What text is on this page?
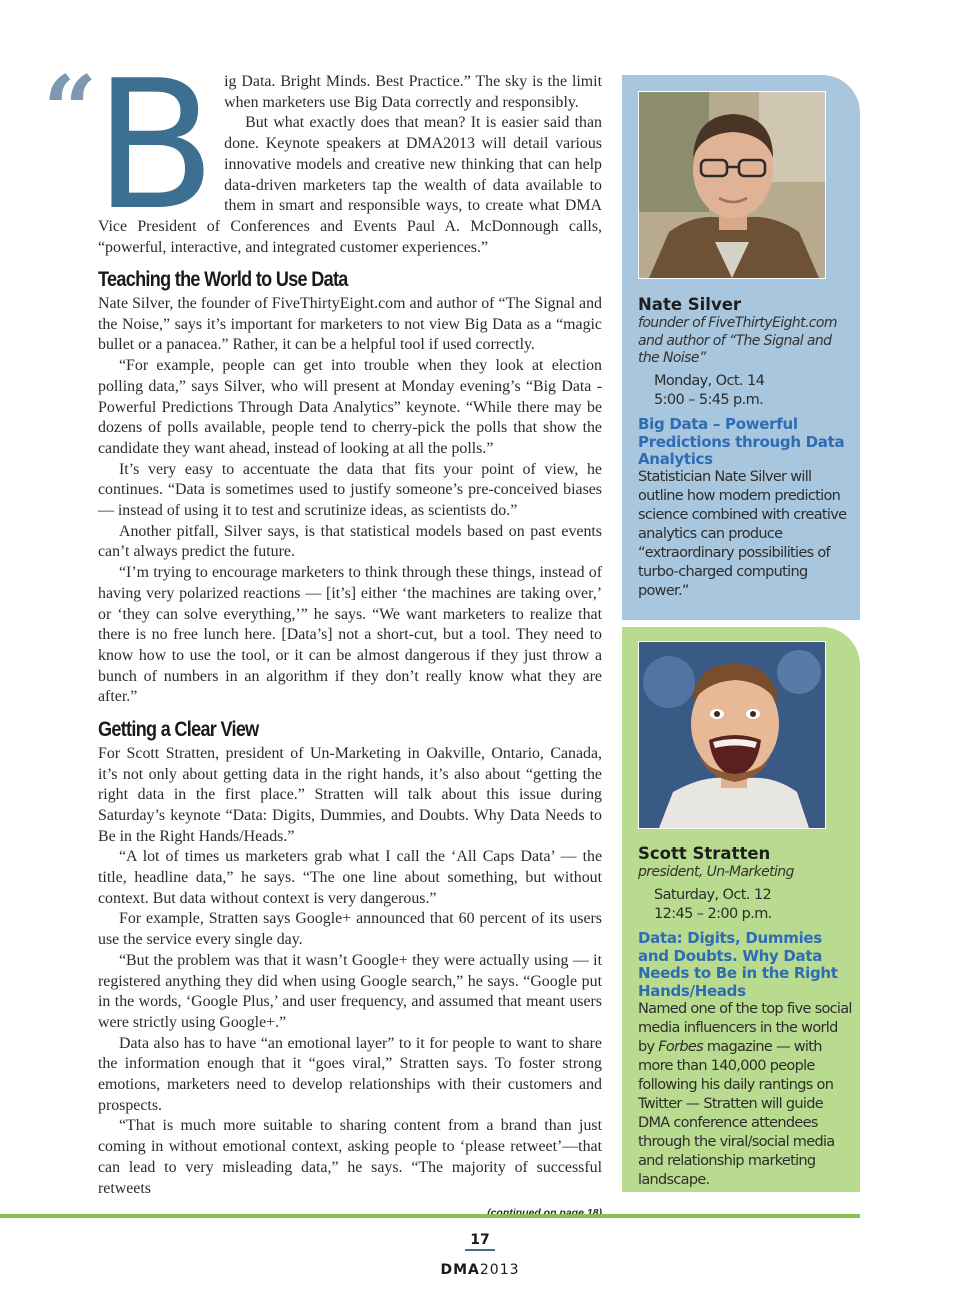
“
B ig Data. Bright Minds. Best Practice.” The sky is the limit when marketers use Big Data correctly and responsibly.

But what exactly does that mean? It is easier said than done. Keynote speakers at DMA2013 will detail various innovative models and creative new thinking that can help data-driven marketers tap the wealth of data available to them in smart and responsible ways, to create what DMA Vice President of Conferences and Events Paul A. McDonnough calls, “powerful, interactive, and integrated customer experiences.”

Teaching the World to Use Data

Nate Silver, the founder of FiveThirtyEight.com and author of “The Signal and the Noise,” says it’s important for marketers to not view Big Data as a “magic bullet or a panacea.” Rather, it can be a helpful tool if used correctly.

“For example, people can get into trouble when they look at election polling data,” says Silver, who will present at Monday evening’s “Big Data - Powerful Predictions Through Data Analytics” keynote. “While there may be dozens of polls available, people tend to cherry-pick the polls that show the candidate they want ahead, instead of looking at all the polls.”

It’s very easy to accentuate the data that fits your point of view, he continues. “Data is sometimes used to justify someone’s pre-conceived biases — instead of using it to test and scrutinize ideas, as scientists do.”

Another pitfall, Silver says, is that statistical models based on past events can’t always predict the future.

“I’m trying to encourage marketers to think through these things, instead of having very polarized reactions — [it’s] either ‘the machines are taking over,’ or ‘they can solve everything,’” he says. “We want marketers to realize that there is no free lunch here. [Data’s] not a short-cut, but a tool. They need to know how to use the tool, or it can be almost dangerous if they just throw a bunch of numbers in an algorithm if they don’t really know what they are after.”

Getting a Clear View

For Scott Stratten, president of Un-Marketing in Oakville, Ontario, Canada, it’s not only about getting data in the right hands, it’s also about “getting the right data in the first place.” Stratten will talk about this issue during Saturday’s keynote “Data: Digits, Dummies, and Doubts. Why Data Needs to Be in the Right Hands/Heads.”

“A lot of times us marketers grab what I call the ‘All Caps Data’ — the title, headline data,” he says. “The one line about something, but without context. But data without context is very dangerous.”

For example, Stratten says Google+ announced that 60 percent of its users use the service every single day.

“But the problem was that it wasn’t Google+ they were actually using — it registered anything they did when using Google search,” he says. “Google put in the words, ‘Google Plus,’ and user frequency, and assumed that meant users were strictly using Google+.”

Data also has to have “an emotional layer” to it for people to want to share the information enough that it “goes viral,” Stratten says. To foster strong emotions, marketers need to develop relationships with their customers and prospects.

“That is much more suitable to sharing content from a brand than just coming in without emotional context, asking people to ‘please retweet’—that can lead to very misleading data,” he says. “The majority of successful retweets

Nate Silver
founder of FiveThirtyEight.com and author of “The Signal and the Noise”
Monday, Oct. 14
5:00 – 5:45 p.m.
Big Data – Powerful Predictions through Data Analytics
Statistician Nate Silver will outline how modern prediction science combined with creative analytics can produce “extraordinary possibilities of turbo-charged computing power.”
Scott Stratten
president, Un-Marketing
Saturday, Oct. 12
12:45 – 2:00 p.m.
Data: Digits, Dummies and Doubts. Why Data Needs to Be in the Right Hands/Heads
Named one of the top five social media influencers in the world by Forbes magazine — with more than 140,000 people following his daily rantings on Twitter — Stratten will guide DMA conference attendees through the viral/social media and relationship marketing landscape.
17
DMA2013
